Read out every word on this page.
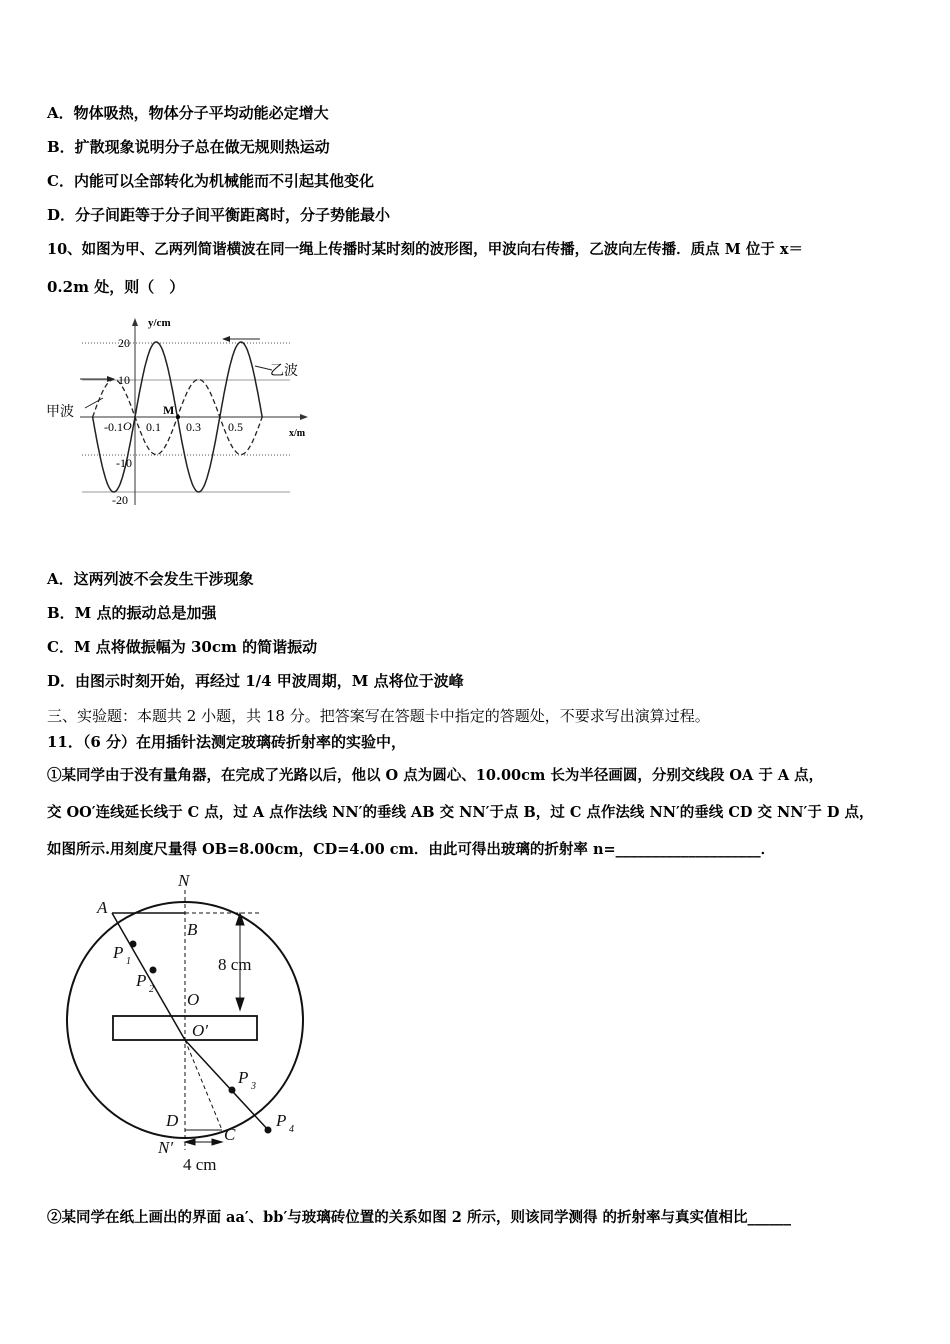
A．物体吸热，物体分子平均动能必定增大
B．扩散现象说明分子总在做无规则热运动
C．内能可以全部转化为机械能而不引起其他变化
D．分子间距等于分子间平衡距离时，分子势能最小
10、如图为甲、乙两列简谐横波在同一绳上传播时某时刻的波形图，甲波向右传播，乙波向左传播．质点 M 位于 x＝
0.2m 处，则（　）
y/cm
20
10
-10
-20
-0.1 0.1 0.3 0.5
O
M
x/m
甲波
乙波
A．这两列波不会发生干涉现象
B．M 点的振动总是加强
C．M 点将做振幅为 30cm 的简谐振动
D．由图示时刻开始，再经过 1/4 甲波周期，M 点将位于波峰
三、实验题：本题共 2 小题，共 18 分。把答案写在答题卡中指定的答题处，不要求写出演算过程。
11．（6 分）在用插针法测定玻璃砖折射率的实验中，
①某同学由于没有量角器，在完成了光路以后，他以 O 点为圆心、10.00cm 长为半径画圆，分别交线段 OA 于 A 点，
交 OO′连线延长线于 C 点，过 A 点作法线 NN′的垂线 AB 交 NN′于点 B，过 C 点作法线 NN′的垂线 CD 交 NN′于 D 点，
如图所示.用刻度尺量得 OB=8.00cm，CD=4.00 cm．由此可得出玻璃的折射率 n=____________________．
N
A
B
P 1
P 2
O
O′
P 3
P 4
D
C
N′
8 cm
4 cm
②某同学在纸上画出的界面 aa′、bb′与玻璃砖位置的关系如图 2 所示，则该同学测得 的折射率与真实值相比______
